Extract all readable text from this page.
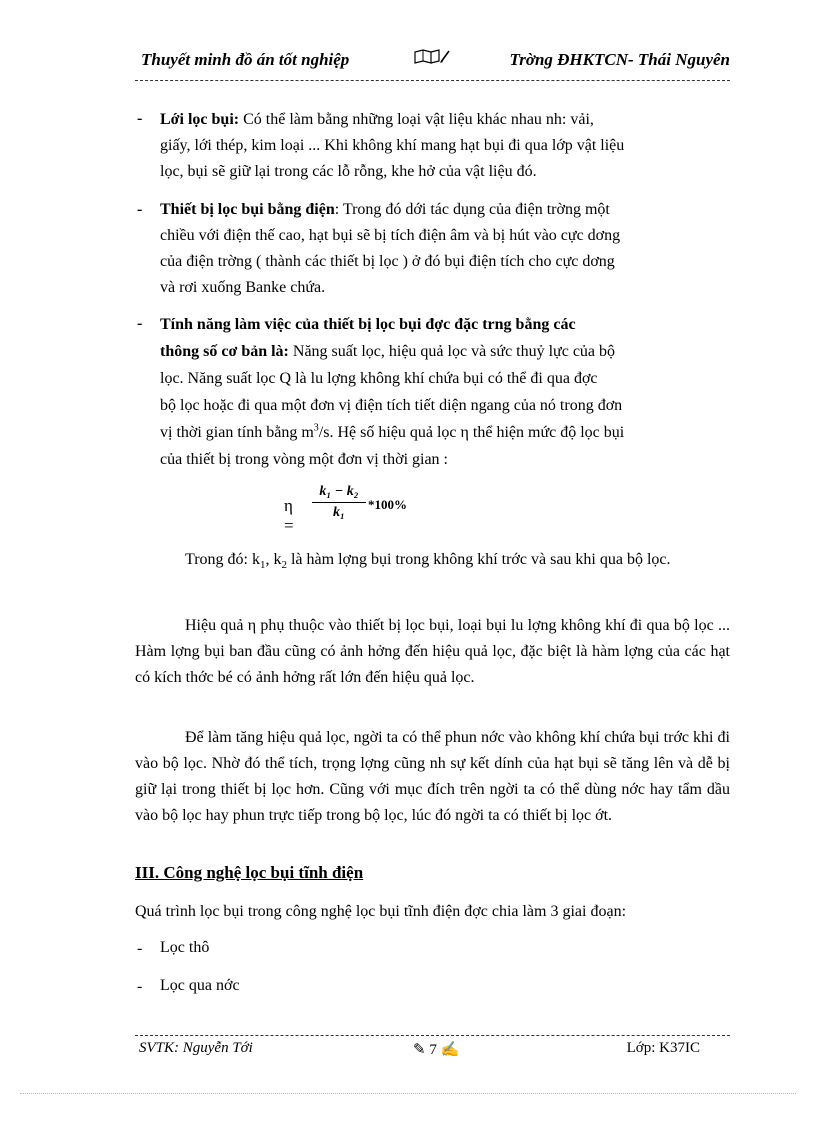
Thuyết minh đồ án tốt nghiệp	Trờng ĐHKTCN- Thái Nguyên
- Lới lọc bụi: Có thể làm bằng những loại vật liệu khác nhau nh: vải,
giấy, lới thép, kim loại ... Khi không khí mang hạt bụi đi qua lớp vật liệu
lọc, bụi sẽ giữ lại trong các lỗ rỗng, khe hở của vật liệu đó.
- Thiết bị lọc bụi bằng điện: Trong đó dới tác dụng của điện trờng một
chiều với điện thế cao, hạt bụi sẽ bị tích điện âm và bị hút vào cực dơng
của điện trờng ( thành các thiết bị lọc ) ở đó bụi điện tích cho cực dơng
và rơi xuống Banke chứa.
- Tính năng làm việc của thiết bị lọc bụi đợc đặc trng bằng các
thông số cơ bản là: Năng suất lọc, hiệu quả lọc và sức thuỷ lực của bộ
lọc. Năng suất lọc Q là lu lợng không khí chứa bụi có thể đi qua đợc
bộ lọc hoặc đi qua một đơn vị điện tích tiết diện ngang của nó trong đơn
vị thời gian tính bằng $m^3/s$. Hệ số hiệu quả lọc η thể hiện mức độ lọc bụi
của thiết bị trong vòng một đơn vị thời gian :
η =
$\frac{\text{k₁ − k₂}}{\text{k₁}} *100\%$
Trong đó: $k_1$, $k_2$ là hàm lợng bụi trong không khí trớc và sau khi qua bộ lọc.
Hiệu quả η phụ thuộc vào thiết bị lọc bụi, loại bụi lu lợng không khí đi qua bộ lọc ... Hàm lợng bụi ban đầu cũng có ảnh hởng đến hiệu quả lọc, đặc biệt là hàm lợng của các hạt có kích thớc bé có ảnh hởng rất lớn đến hiệu quả lọc.
Để làm tăng hiệu quả lọc, ngời ta có thể phun nớc vào không khí chứa bụi trớc khi đi vào bộ lọc. Nhờ đó thể tích, trọng lợng cũng nh sự kết dính của hạt bụi sẽ tăng lên và dễ bị giữ lại trong thiết bị lọc hơn. Cũng với mục đích trên ngời ta có thể dùng nớc hay tẩm dầu vào bộ lọc hay phun trực tiếp trong bộ lọc, lúc đó ngời ta có thiết bị lọc ớt.
III. Công nghệ lọc bụi tĩnh điện
Quá trình lọc bụi trong công nghệ lọc bụi tĩnh điện đợc chia làm 3 giai đoạn:
- Lọc thô
- Lọc qua nớc
SVTK: Nguyễn Tới	✎ 7 ✍	Lớp: K37IC
